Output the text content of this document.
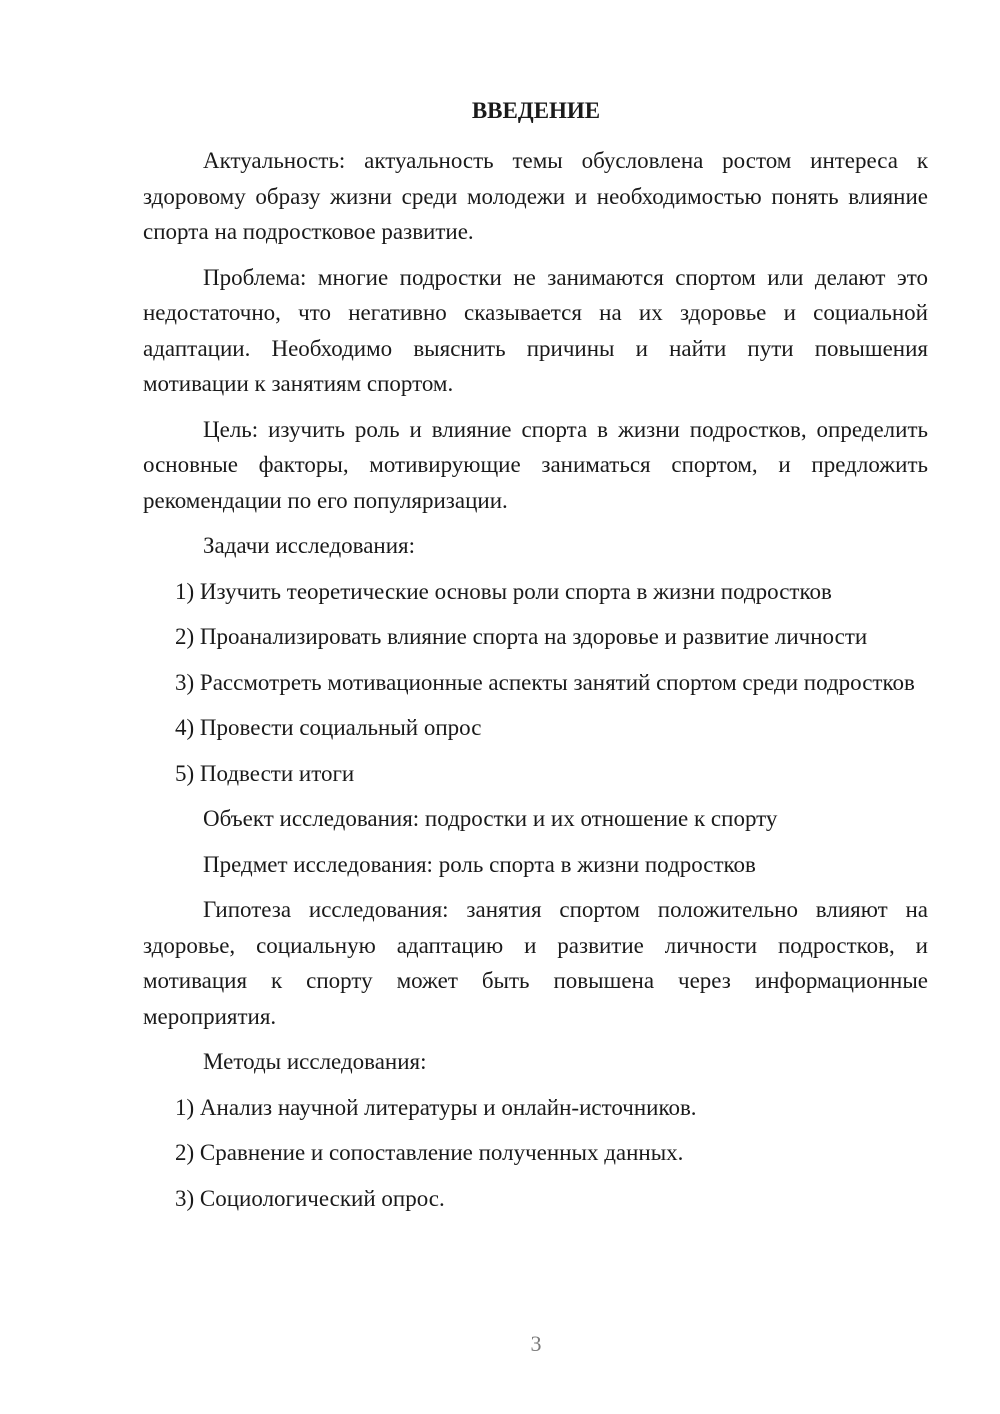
ВВЕДЕНИЕ

Актуальность: актуальность темы обусловлена ростом интереса к здоровому образу жизни среди молодежи и необходимостью понять влияние спорта на подростковое развитие.

Проблема: многие подростки не занимаются спортом или делают это недостаточно, что негативно сказывается на их здоровье и социальной адаптации. Необходимо выяснить причины и найти пути повышения мотивации к занятиям спортом.

Цель: изучить роль и влияние спорта в жизни подростков, определить основные факторы, мотивирующие заниматься спортом, и предложить рекомендации по его популяризации.

Задачи исследования:

1) Изучить теоретические основы роли спорта в жизни подростков

2) Проанализировать влияние спорта на здоровье и развитие личности

3) Рассмотреть мотивационные аспекты занятий спортом среди подростков

4) Провести социальный опрос

5) Подвести итоги

Объект исследования: подростки и их отношение к спорту

Предмет исследования: роль спорта в жизни подростков

Гипотеза исследования: занятия спортом положительно влияют на здоровье, социальную адаптацию и развитие личности подростков, и мотивация к спорту может быть повышена через информационные мероприятия.

Методы исследования:

1) Анализ научной литературы и онлайн-источников.

2) Сравнение и сопоставление полученных данных.

3) Социологический опрос.

3
